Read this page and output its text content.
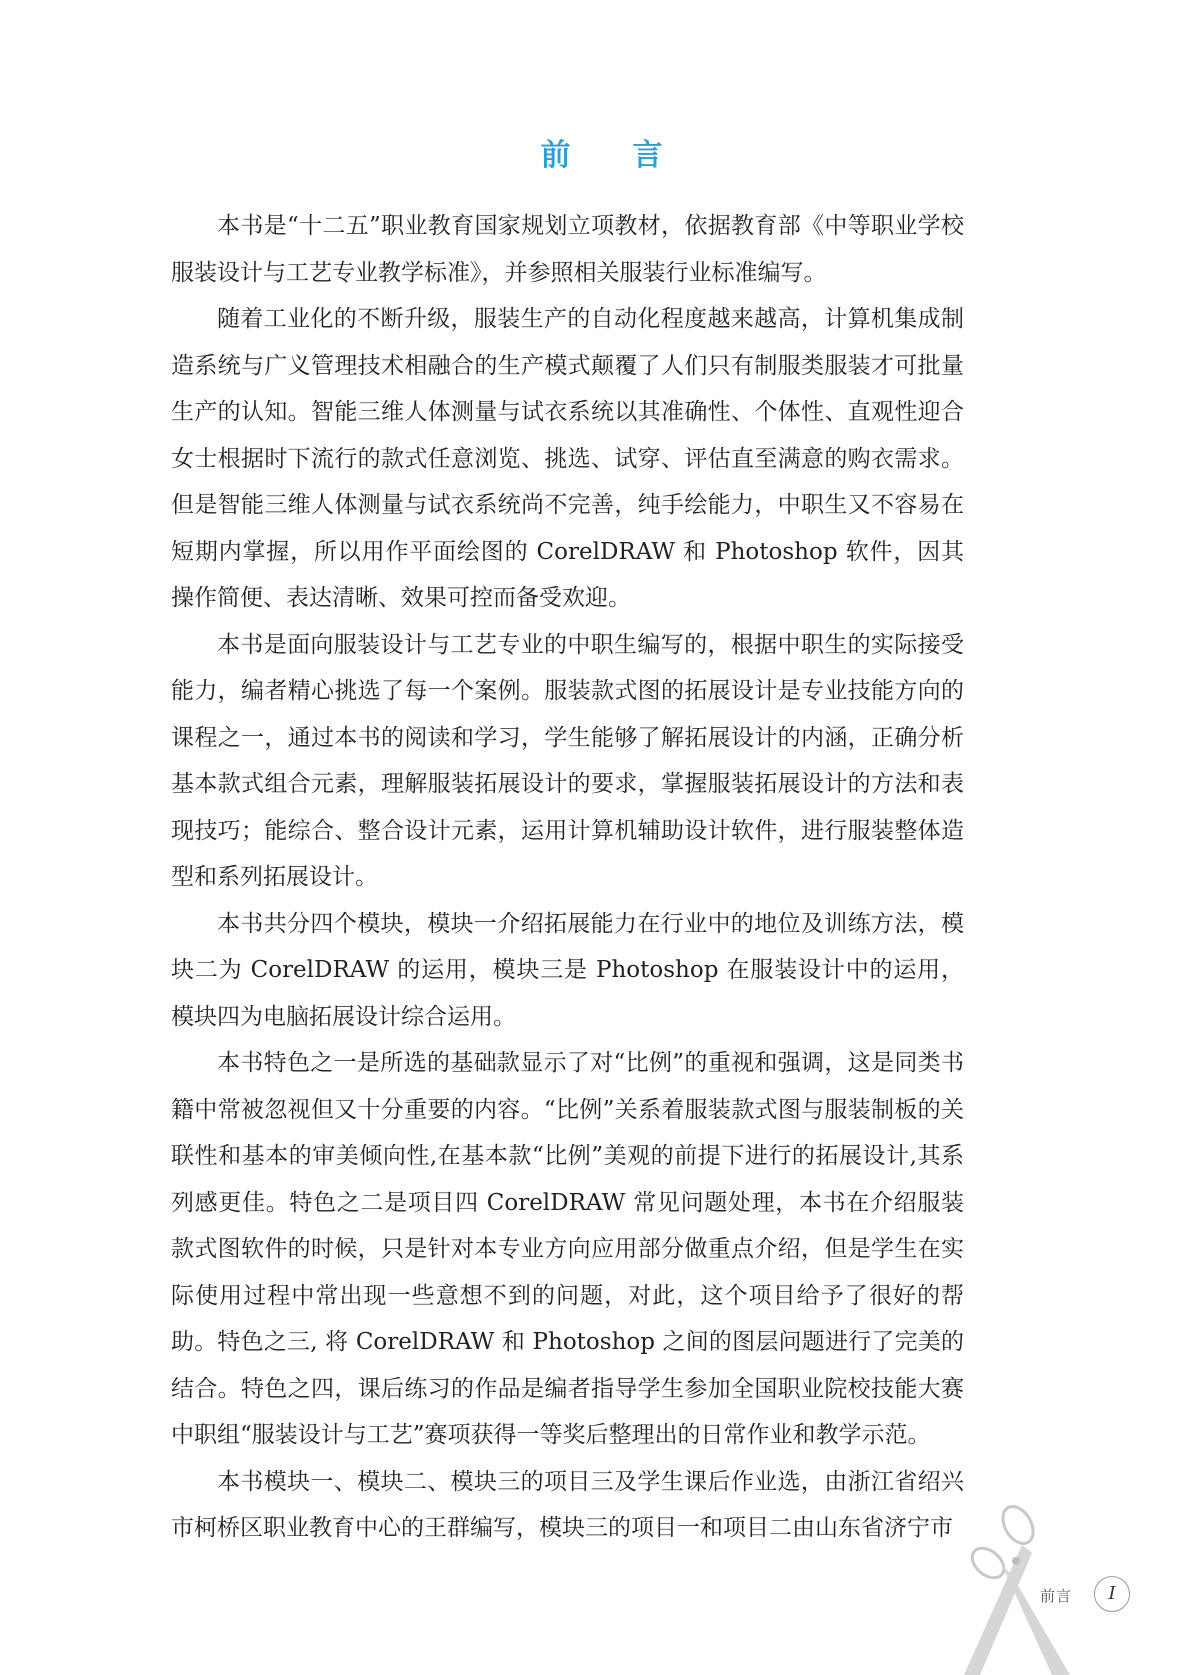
前言

本书是“十二五”职业教育国家规划立项教材，依据教育部《中等职业学校服装设计与工艺专业教学标准》，并参照相关服装行业标准编写。

随着工业化的不断升级，服装生产的自动化程度越来越高，计算机集成制造系统与广义管理技术相融合的生产模式颠覆了人们只有制服类服装才可批量生产的认知。智能三维人体测量与试衣系统以其准确性、个体性、直观性迎合女士根据时下流行的款式任意浏览、挑选、试穿、评估直至满意的购衣需求。但是智能三维人体测量与试衣系统尚不完善，纯手绘能力，中职生又不容易在短期内掌握，所以用作平面绘图的 CorelDRAW 和 Photoshop 软件，因其操作简便、表达清晰、效果可控而备受欢迎。

本书是面向服装设计与工艺专业的中职生编写的，根据中职生的实际接受能力，编者精心挑选了每一个案例。服装款式图的拓展设计是专业技能方向的课程之一，通过本书的阅读和学习，学生能够了解拓展设计的内涵，正确分析基本款式组合元素，理解服装拓展设计的要求，掌握服装拓展设计的方法和表现技巧；能综合、整合设计元素，运用计算机辅助设计软件，进行服装整体造型和系列拓展设计。

本书共分四个模块，模块一介绍拓展能力在行业中的地位及训练方法，模块二为 CorelDRAW 的运用，模块三是 Photoshop 在服装设计中的运用，模块四为电脑拓展设计综合运用。

本书特色之一是所选的基础款显示了对“比例”的重视和强调，这是同类书籍中常被忽视但又十分重要的内容。“比例”关系着服装款式图与服装制板的关联性和基本的审美倾向性,在基本款“比例”美观的前提下进行的拓展设计,其系列感更佳。特色之二是项目四 CorelDRAW 常见问题处理，本书在介绍服装款式图软件的时候，只是针对本专业方向应用部分做重点介绍，但是学生在实际使用过程中常出现一些意想不到的问题，对此，这个项目给予了很好的帮助。特色之三, 将 CorelDRAW 和 Photoshop 之间的图层问题进行了完美的结合。特色之四，课后练习的作品是编者指导学生参加全国职业院校技能大赛中职组“服装设计与工艺”赛项获得一等奖后整理出的日常作业和教学示范。

本书模块一、模块二、模块三的项目三及学生课后作业选，由浙江省绍兴市柯桥区职业教育中心的王群编写，模块三的项目一和项目二由山东省济宁市

前言	I
